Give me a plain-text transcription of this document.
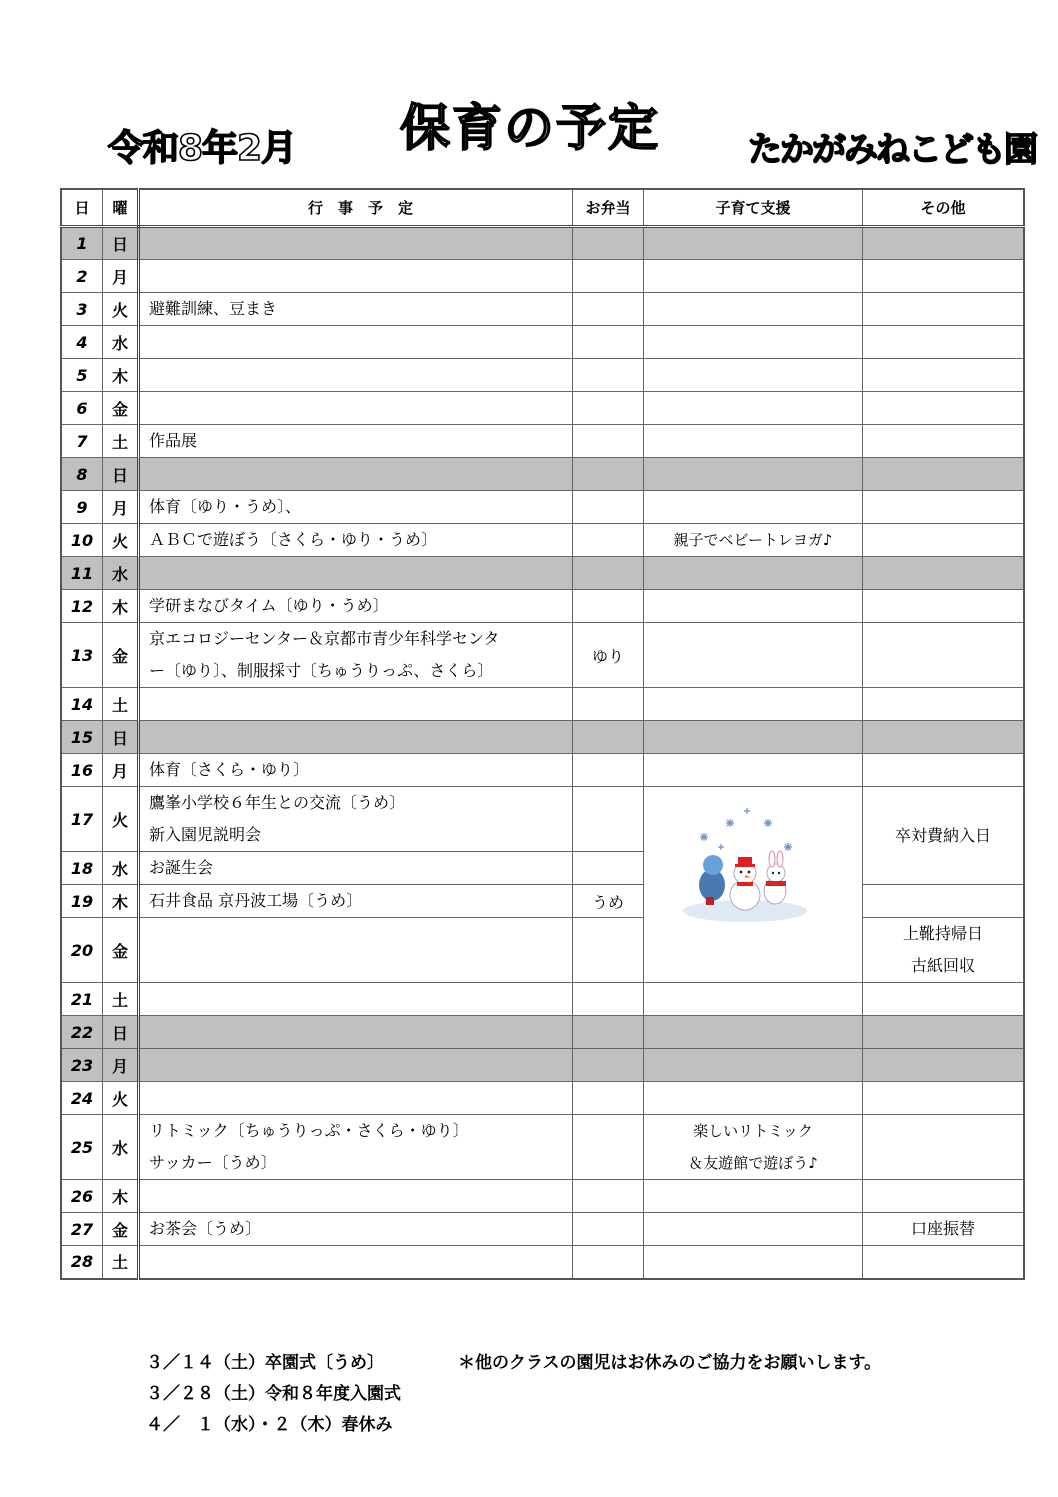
令和8年2月 保育の予定	たかがみねこども園
日	曜	行　事　予　定	お弁当	子育て支援	その他
1	日				
2	月				
3	火	避難訓練、豆まき			

4	水				
5	木				
6	金				
7	土	作品展			

8	日				
9	月	体育〔ゆり・うめ〕、			

10	火	ＡＢＣで遊ぼう〔さくら・ゆり・うめ〕		親子でベビートレヨガ♪	

11	水				
12	木	学研まなびタイム〔ゆり・うめ〕			

13	金	京エコロジーセンター＆京都市青少年科学センタ
ー〔ゆり〕、制服採寸〔ちゅうりっぷ、さくら〕	ゆり		
14	土				
15	日				
16	月	体育〔さくら・ゆり〕			

17	火	鷹峯小学校６年生との交流〔うめ〕
新入園児説明会			卒対費納入日

18	水	お誕生会			

19	木	石井食品 京丹波工場〔うめ〕	うめ		
20	金				上靴持帰日
古紙回収

21	土				
22	日				
23	月				
24	火				
25	水	リトミック〔ちゅうりっぷ・さくら・ゆり〕
サッカー〔うめ〕		楽しいリトミック
＆友遊館で遊ぼう♪	

26	木				
27	金	お茶会〔うめ〕			口座振替

28	土				
３／１４（土）卒園式〔うめ〕
３／２８（土）令和８年度入園式
４／　１（水）・２（木）春休み
＊他のクラスの園児はお休みのご協力をお願いします。
